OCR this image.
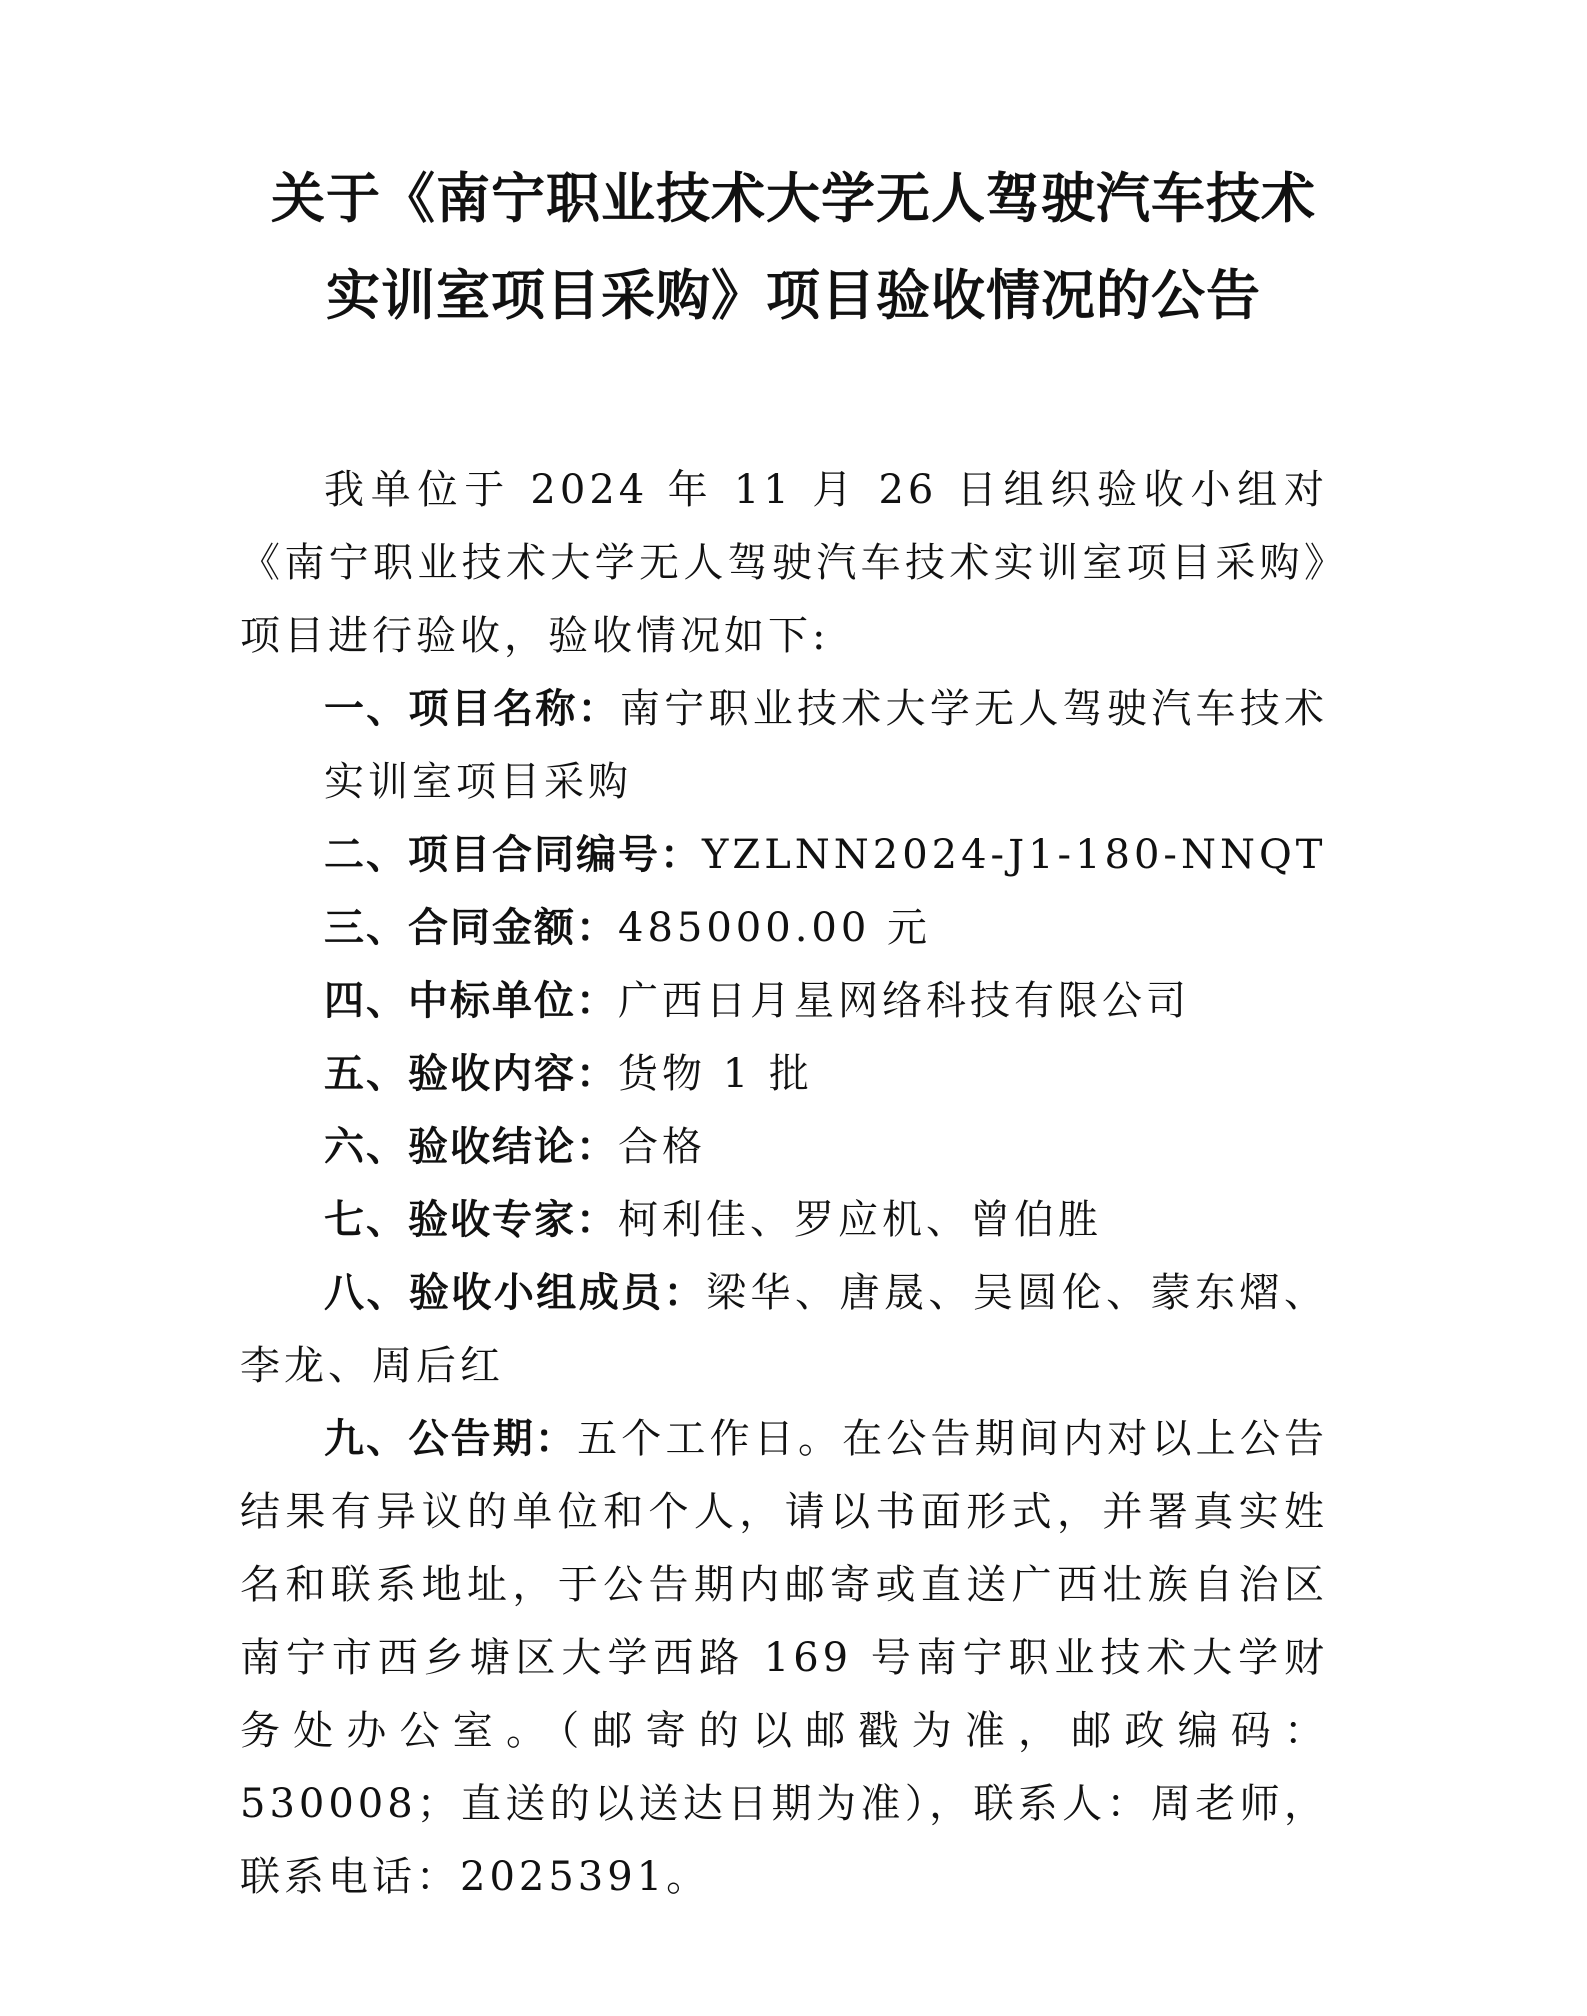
关于《南宁职业技术大学无人驾驶汽车技术
实训室项目采购》项目验收情况的公告

我单位于 2024 年 11 月 26 日组织验收小组对《南宁职业技术大学无人驾驶汽车技术实训室项目采购》项目进行验收，验收情况如下:

一、项目名称：南宁职业技术大学无人驾驶汽车技术实训室项目采购

二、项目合同编号：YZLNN2024-J1-180-NNQT

三、合同金额：485000.00 元

四、中标单位：广西日月星网络科技有限公司

五、验收内容：货物 1 批

六、验收结论：合格

七、验收专家：柯利佳、罗应机、曾伯胜

八、验收小组成员：梁华、唐晟、吴圆伦、蒙东熠、李龙、周后红

九、公告期：五个工作日。在公告期间内对以上公告结果有异议的单位和个人，请以书面形式，并署真实姓名和联系地址，于公告期内邮寄或直送广西壮族自治区南宁市西乡塘区大学西路 169 号南宁职业技术大学财务处办公室。（邮寄的以邮戳为准，邮政编码：530008；直送的以送达日期为准），联系人：周老师，联系电话：2025391。
